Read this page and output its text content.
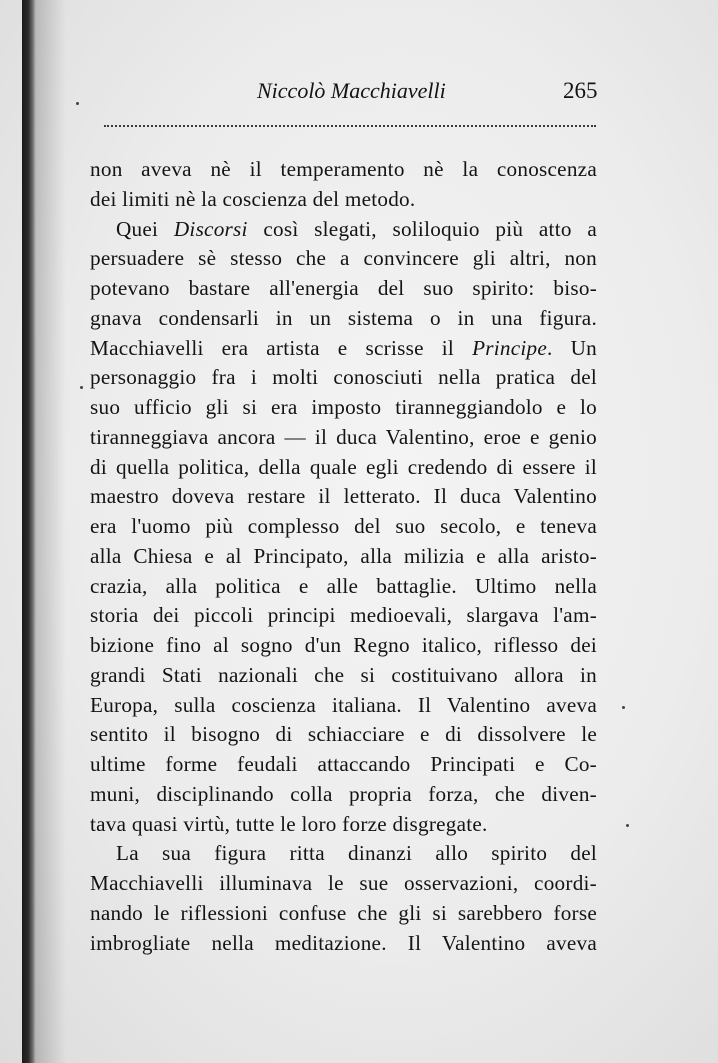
Niccolò Macchiavelli	265
non aveva nè il temperamento nè la conoscenza
dei limiti nè la coscienza del metodo.
Quei Discorsi così slegati, soliloquio più atto a
persuadere sè stesso che a convincere gli altri, non
potevano bastare all'energia del suo spirito: biso-
gnava condensarli in un sistema o in una figura.
Macchiavelli era artista e scrisse il Principe. Un
personaggio fra i molti conosciuti nella pratica del
suo ufficio gli si era imposto tiranneggiandolo e lo
tiranneggiava ancora — il duca Valentino, eroe e genio
di quella politica, della quale egli credendo di essere il
maestro doveva restare il letterato. Il duca Valentino
era l'uomo più complesso del suo secolo, e teneva
alla Chiesa e al Principato, alla milizia e alla aristo-
crazia, alla politica e alle battaglie. Ultimo nella
storia dei piccoli principi medioevali, slargava l'am-
bizione fino al sogno d'un Regno italico, riflesso dei
grandi Stati nazionali che si costituivano allora in
Europa, sulla coscienza italiana. Il Valentino aveva
sentito il bisogno di schiacciare e di dissolvere le
ultime forme feudali attaccando Principati e Co-
muni, disciplinando colla propria forza, che diven-
tava quasi virtù, tutte le loro forze disgregate.
La sua figura ritta dinanzi allo spirito del
Macchiavelli illuminava le sue osservazioni, coordi-
nando le riflessioni confuse che gli si sarebbero forse
imbrogliate nella meditazione. Il Valentino aveva
